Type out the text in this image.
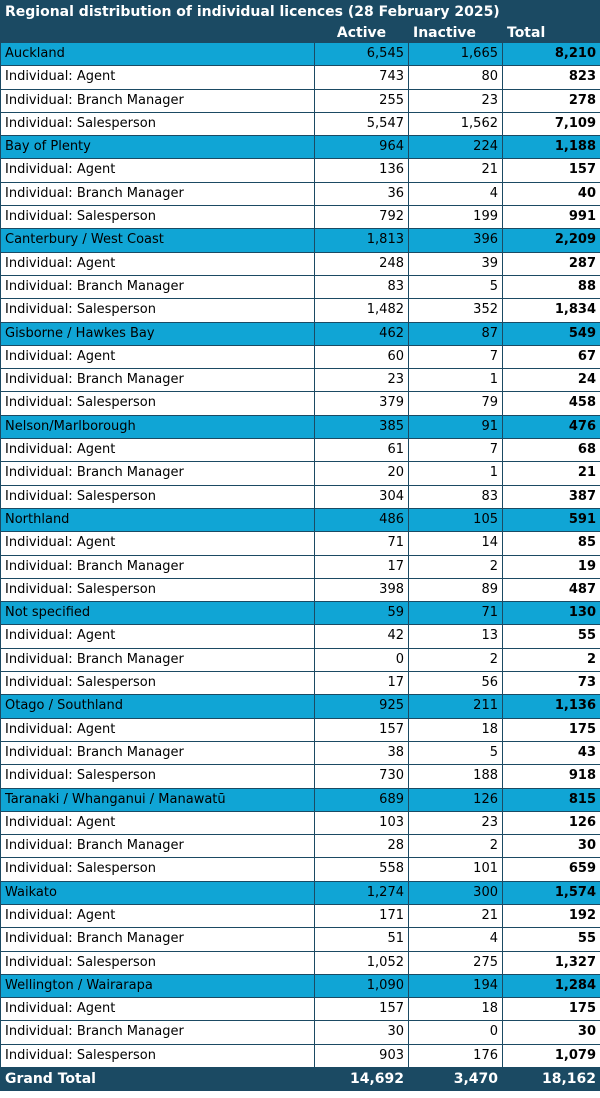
Regional distribution of individual licences (28 February 2025)			
	Active	Inactive	Total
Auckland	6,545	1,665	8,210
Individual: Agent	743	80	823
Individual: Branch Manager	255	23	278
Individual: Salesperson	5,547	1,562	7,109
Bay of Plenty	964	224	1,188
Individual: Agent	136	21	157
Individual: Branch Manager	36	4	40
Individual: Salesperson	792	199	991
Canterbury / West Coast	1,813	396	2,209
Individual: Agent	248	39	287
Individual: Branch Manager	83	5	88
Individual: Salesperson	1,482	352	1,834
Gisborne / Hawkes Bay	462	87	549
Individual: Agent	60	7	67
Individual: Branch Manager	23	1	24
Individual: Salesperson	379	79	458
Nelson/Marlborough	385	91	476
Individual: Agent	61	7	68
Individual: Branch Manager	20	1	21
Individual: Salesperson	304	83	387
Northland	486	105	591
Individual: Agent	71	14	85
Individual: Branch Manager	17	2	19
Individual: Salesperson	398	89	487
Not specified	59	71	130
Individual: Agent	42	13	55
Individual: Branch Manager	0	2	2
Individual: Salesperson	17	56	73
Otago / Southland	925	211	1,136
Individual: Agent	157	18	175
Individual: Branch Manager	38	5	43
Individual: Salesperson	730	188	918
Taranaki / Whanganui / Manawatū	689	126	815
Individual: Agent	103	23	126
Individual: Branch Manager	28	2	30
Individual: Salesperson	558	101	659
Waikato	1,274	300	1,574
Individual: Agent	171	21	192
Individual: Branch Manager	51	4	55
Individual: Salesperson	1,052	275	1,327
Wellington / Wairarapa	1,090	194	1,284
Individual: Agent	157	18	175
Individual: Branch Manager	30	0	30
Individual: Salesperson	903	176	1,079
Grand Total	14,692	3,470	18,162
